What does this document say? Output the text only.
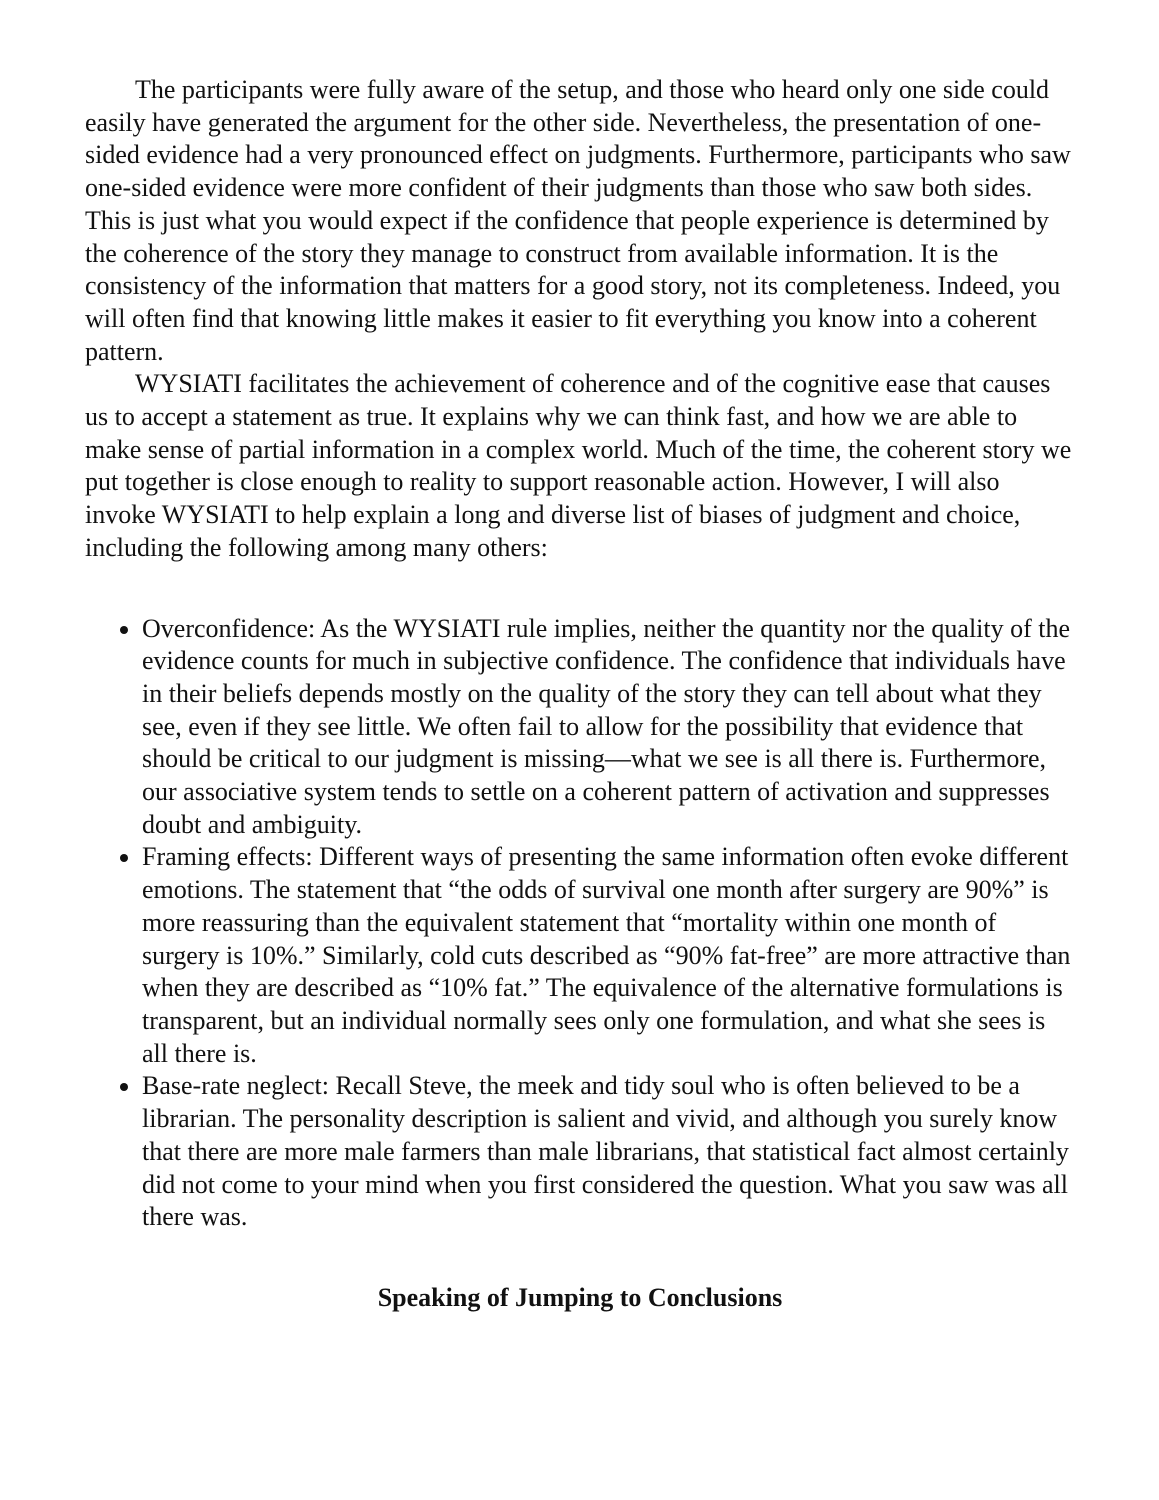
The participants were fully aware of the setup, and those who heard only one side could easily have generated the argument for the other side. Nevertheless, the presentation of one-sided evidence had a very pronounced effect on judgments. Furthermore, participants who saw one-sided evidence were more confident of their judgments than those who saw both sides. This is just what you would expect if the confidence that people experience is determined by the coherence of the story they manage to construct from available information. It is the consistency of the information that matters for a good story, not its completeness. Indeed, you will often find that knowing little makes it easier to fit everything you know into a coherent pattern.

WYSIATI facilitates the achievement of coherence and of the cognitive ease that causes us to accept a statement as true. It explains why we can think fast, and how we are able to make sense of partial information in a complex world. Much of the time, the coherent story we put together is close enough to reality to support reasonable action. However, I will also invoke WYSIATI to help explain a long and diverse list of biases of judgment and choice, including the following among many others:

• Overconfidence: As the WYSIATI rule implies, neither the quantity nor the quality of the evidence counts for much in subjective confidence. The confidence that individuals have in their beliefs depends mostly on the quality of the story they can tell about what they see, even if they see little. We often fail to allow for the possibility that evidence that should be critical to our judgment is missing—what we see is all there is. Furthermore, our associative system tends to settle on a coherent pattern of activation and suppresses doubt and ambiguity.
• Framing effects: Different ways of presenting the same information often evoke different emotions. The statement that “the odds of survival one month after surgery are 90%” is more reassuring than the equivalent statement that “mortality within one month of surgery is 10%.” Similarly, cold cuts described as “90% fat-free” are more attractive than when they are described as “10% fat.” The equivalence of the alternative formulations is transparent, but an individual normally sees only one formulation, and what she sees is all there is.
• Base-rate neglect: Recall Steve, the meek and tidy soul who is often believed to be a librarian. The personality description is salient and vivid, and although you surely know that there are more male farmers than male librarians, that statistical fact almost certainly did not come to your mind when you first considered the question. What you saw was all there was.
Speaking of Jumping to Conclusions
